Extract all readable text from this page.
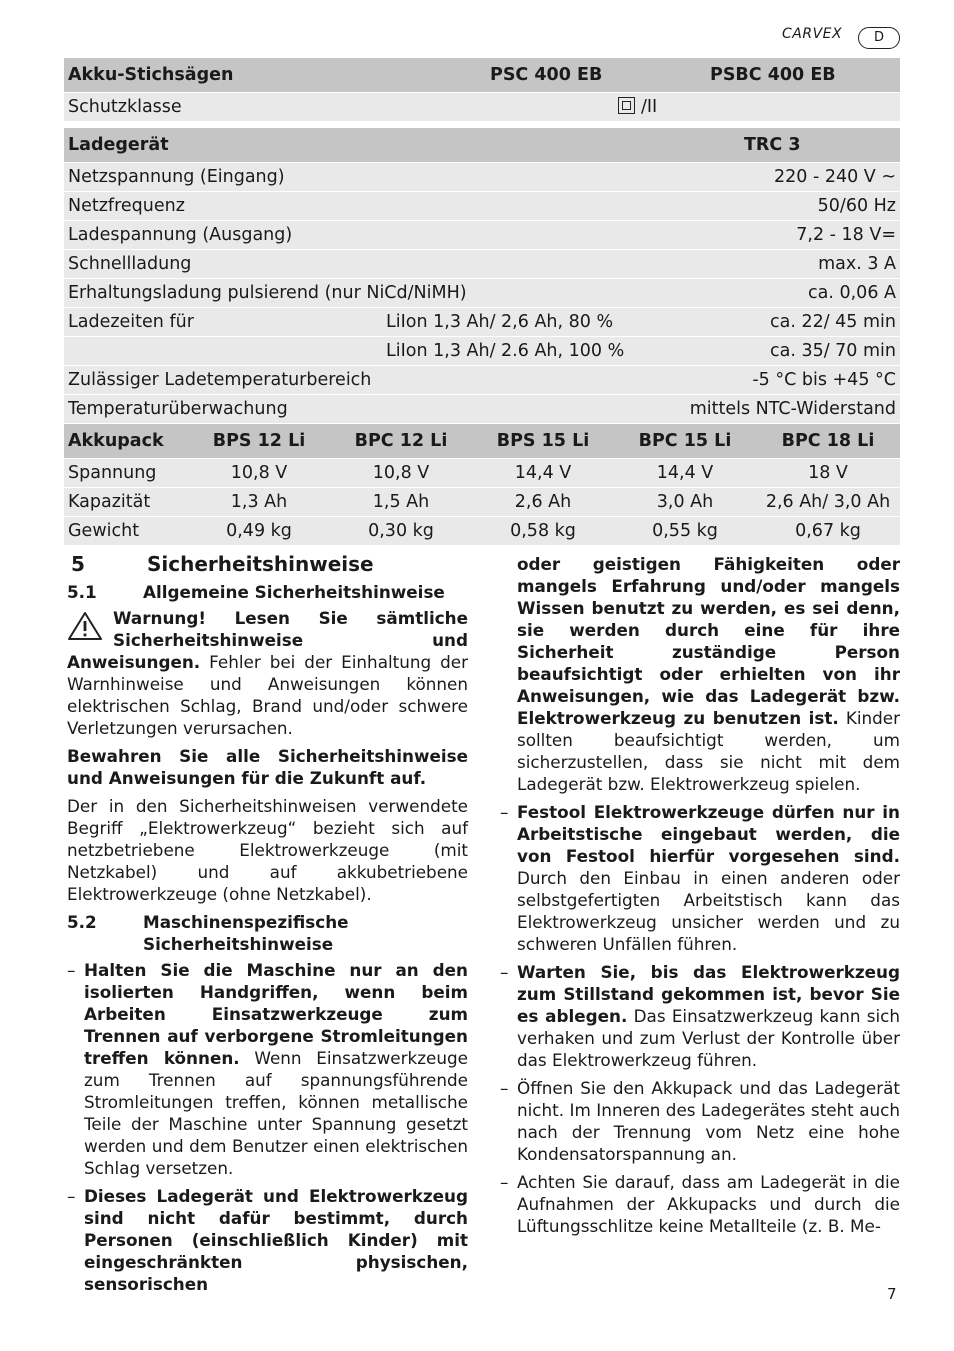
CARVEX	D
Akku-Stichsägen	PSC 400 EB	PSBC 400 EB
Schutzklasse		/II
Ladegerät		TRC 3
Netzspannung (Eingang)		220 - 240 V ~
Netzfrequenz		50/60 Hz
Ladespannung (Ausgang)		7,2 - 18 V=
Schnellladung		max. 3 A
Erhaltungsladung pulsierend (nur NiCd/NiMH)		ca. 0,06 A
Ladezeiten für	LiIon 1,3 Ah/ 2,6 Ah, 80 %	ca. 22/ 45 min
	LiIon 1,3 Ah/ 2.6 Ah, 100 %	ca. 35/ 70 min
Zulässiger Ladetemperaturbereich		-5 °C bis +45 °C
Temperaturüberwachung		mittels NTC-Widerstand
Akkupack	BPS 12 Li	BPC 12 Li	BPS 15 Li	BPC 15 Li	BPC 18 Li
Spannung	10,8 V	10,8 V	14,4 V	14,4 V	18 V
Kapazität	1,3 Ah	1,5 Ah	2,6 Ah	3,0 Ah	2,6 Ah/ 3,0 Ah
Gewicht	0,49 kg	0,30 kg	0,58 kg	0,55 kg	0,67 kg
5	Sicherheitshinweise
5.1	Allgemeine Sicherheitshinweise

Warnung! Lesen Sie sämtliche Sicherheitshinweise und Anweisungen. Fehler bei der Einhaltung der Warnhinweise und Anweisungen können elektrischen Schlag, Brand und/oder schwere Verletzungen verursachen.

Bewahren Sie alle Sicherheitshinweise und Anweisungen für die Zukunft auf.

Der in den Sicherheitshinweisen verwendete Begriff „Elektrowerkzeug“ bezieht sich auf netzbetriebene Elektrowerkzeuge (mit Netzkabel) und auf akkubetriebene Elektrowerkzeuge (ohne Netzkabel).

5.2	Maschinenspezifische Sicherheitshinweise
– Halten Sie die Maschine nur an den isolierten Handgriffen, wenn beim Arbeiten Einsatzwerkzeuge zum Trennen auf verborgene Stromleitungen treffen können. Wenn Einsatzwerkzeuge zum Trennen auf spannungsführende Stromleitungen treffen, können metallische Teile der Maschine unter Spannung gesetzt werden und dem Benutzer einen elektrischen Schlag versetzen.
– Dieses Ladegerät und Elektrowerkzeug sind nicht dafür bestimmt, durch Personen (einschließlich Kinder) mit eingeschränkten physischen, sensorischen
oder geistigen Fähigkeiten oder mangels Erfahrung und/oder mangels Wissen benutzt zu werden, es sei denn, sie werden durch eine für ihre Sicherheit zuständige Person beaufsichtigt oder erhielten von ihr Anweisungen, wie das Ladegerät bzw. Elektrowerkzeug zu benutzen ist. Kinder sollten beaufsichtigt werden, um sicherzustellen, dass sie nicht mit dem Ladegerät bzw. Elektrowerkzeug spielen.
– Festool Elektrowerkzeuge dürfen nur in Arbeitstische eingebaut werden, die von Festool hierfür vorgesehen sind. Durch den Einbau in einen anderen oder selbstgefertigten Arbeitstisch kann das Elektrowerkzeug unsicher werden und zu schweren Unfällen führen.
– Warten Sie, bis das Elektrowerkzeug zum Stillstand gekommen ist, bevor Sie es ablegen. Das Einsatzwerkzeug kann sich verhaken und zum Verlust der Kontrolle über das Elektrowerkzeug führen.
– Öffnen Sie den Akkupack und das Ladegerät nicht. Im Inneren des Ladegerätes steht auch nach der Trennung vom Netz eine hohe Kondensatorspannung an.
– Achten Sie darauf, dass am Ladegerät in die Aufnahmen der Akkupacks und durch die Lüftungsschlitze keine Metallteile (z. B. Me-
7
